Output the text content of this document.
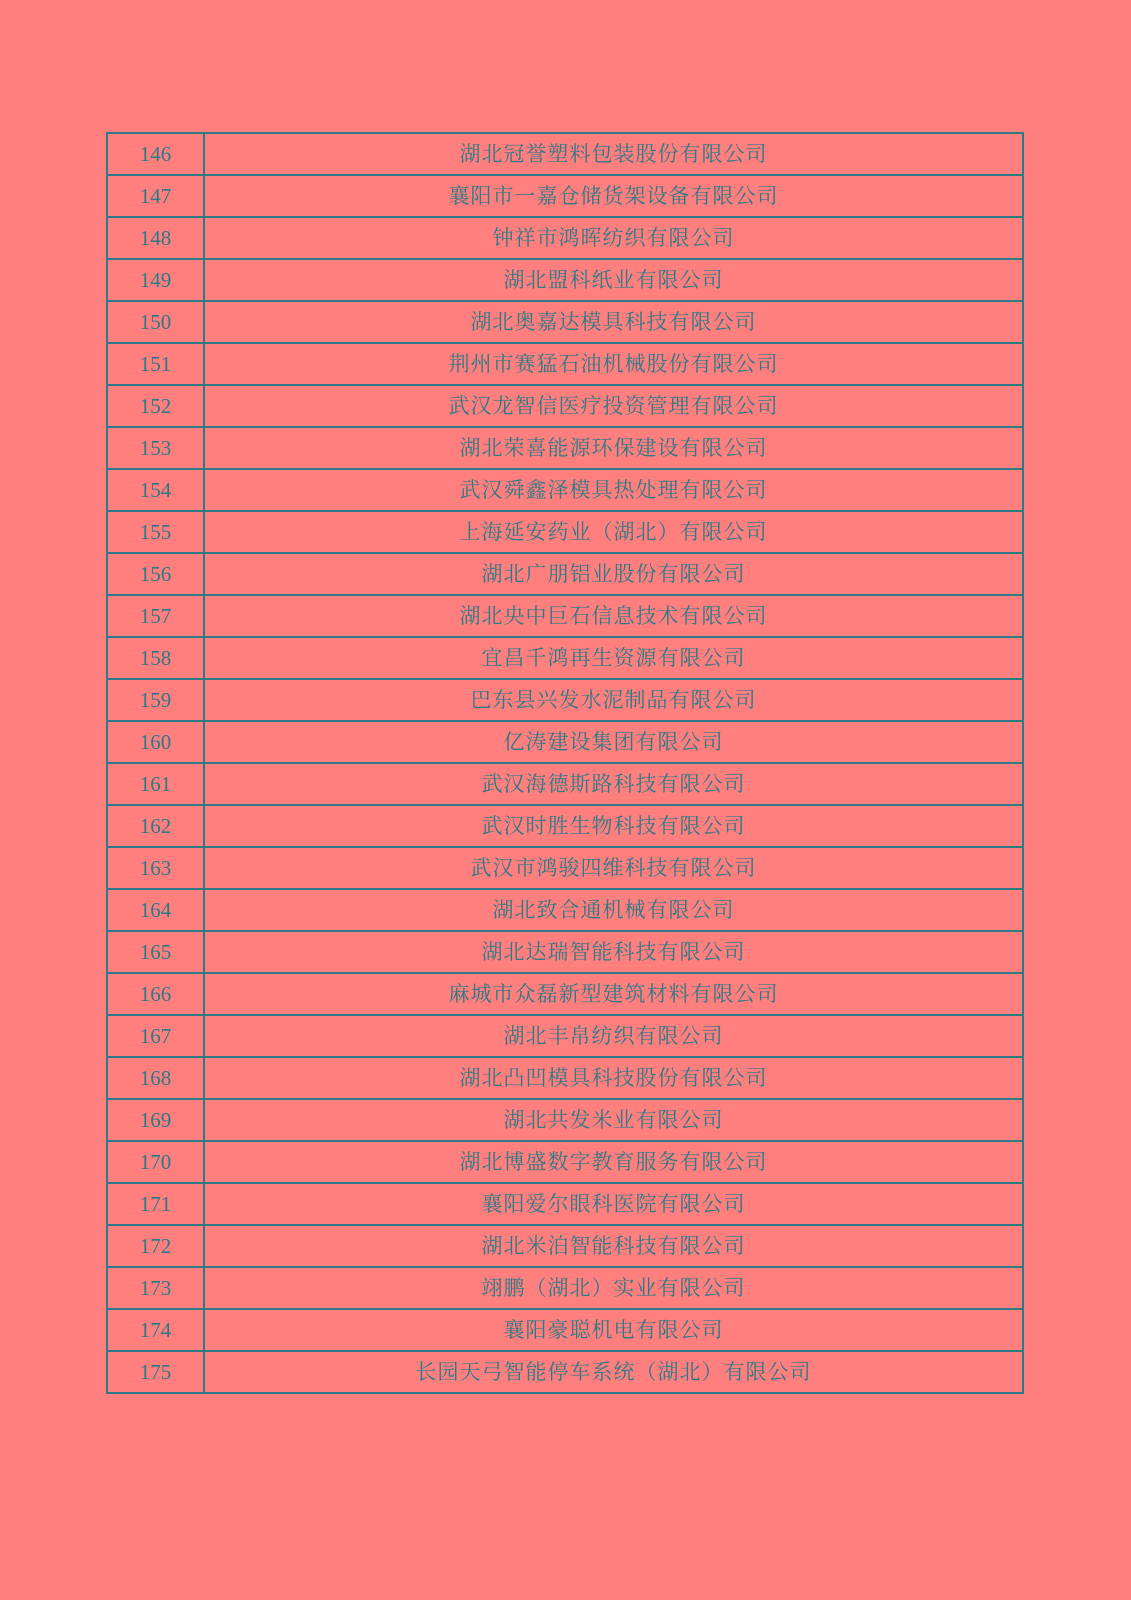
146	湖北冠誉塑料包装股份有限公司
147	襄阳市一嘉仓储货架设备有限公司
148	钟祥市鸿晖纺织有限公司
149	湖北盟科纸业有限公司
150	湖北奥嘉达模具科技有限公司
151	荆州市赛猛石油机械股份有限公司
152	武汉龙智信医疗投资管理有限公司
153	湖北荣喜能源环保建设有限公司
154	武汉舜鑫泽模具热处理有限公司
155	上海延安药业（湖北）有限公司
156	湖北广朋铝业股份有限公司
157	湖北央中巨石信息技术有限公司
158	宜昌千鸿再生资源有限公司
159	巴东县兴发水泥制品有限公司
160	亿涛建设集团有限公司
161	武汉海德斯路科技有限公司
162	武汉时胜生物科技有限公司
163	武汉市鸿骏四维科技有限公司
164	湖北致合通机械有限公司
165	湖北达瑞智能科技有限公司
166	麻城市众磊新型建筑材料有限公司
167	湖北丰帛纺织有限公司
168	湖北凸凹模具科技股份有限公司
169	湖北共发米业有限公司
170	湖北博盛数字教育服务有限公司
171	襄阳爱尔眼科医院有限公司
172	湖北米泊智能科技有限公司
173	翊鹏（湖北）实业有限公司
174	襄阳豪聪机电有限公司
175	长园天弓智能停车系统（湖北）有限公司
